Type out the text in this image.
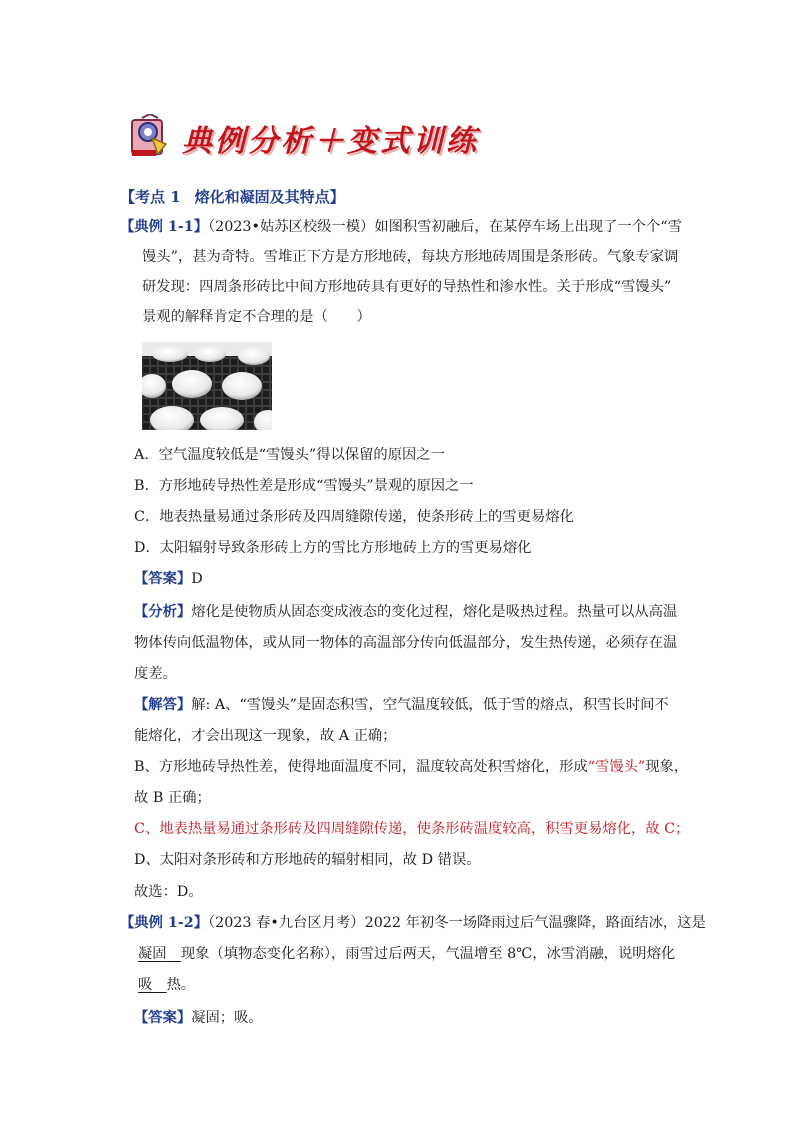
典例分析＋变式训练
【考点 1 熔化和凝固及其特点】
【典例 1-1】（2023•姑苏区校级一模）如图积雪初融后，在某停车场上出现了一个个“雪
馒头”，甚为奇特。雪堆正下方是方形地砖，每块方形地砖周围是条形砖。气象专家调
研发现：四周条形砖比中间方形地砖具有更好的导热性和渗水性。关于形成“雪馒头”
景观的解释肯定不合理的是（　　）
A．空气温度较低是“雪馒头”得以保留的原因之一
B．方形地砖导热性差是形成“雪馒头”景观的原因之一
C．地表热量易通过条形砖及四周缝隙传递，使条形砖上的雪更易熔化
D．太阳辐射导致条形砖上方的雪比方形地砖上方的雪更易熔化
【答案】D
【分析】熔化是使物质从固态变成液态的变化过程，熔化是吸热过程。热量可以从高温
物体传向低温物体，或从同一物体的高温部分传向低温部分，发生热传递，必须存在温
度差。
【解答】解: A、“雪馒头”是固态积雪，空气温度较低，低于雪的熔点，积雪长时间不
能熔化，才会出现这一现象，故 A 正确；
B、方形地砖导热性差，使得地面温度不同，温度较高处积雪熔化，形成“雪馒头”现象，
故 B 正确；
C、地表热量易通过条形砖及四周缝隙传递，使条形砖温度较高，积雪更易熔化，故 C；
D、太阳对条形砖和方形地砖的辐射相同，故 D 错误。
故选：D。
【典例 1-2】（2023 春•九台区月考）2022 年初冬一场降雨过后气温骤降，路面结冰，这是
凝固  现象（填物态变化名称），雨雪过后两天，气温增至 8℃，冰雪消融，说明熔化
吸  热。
【答案】凝固；吸。
